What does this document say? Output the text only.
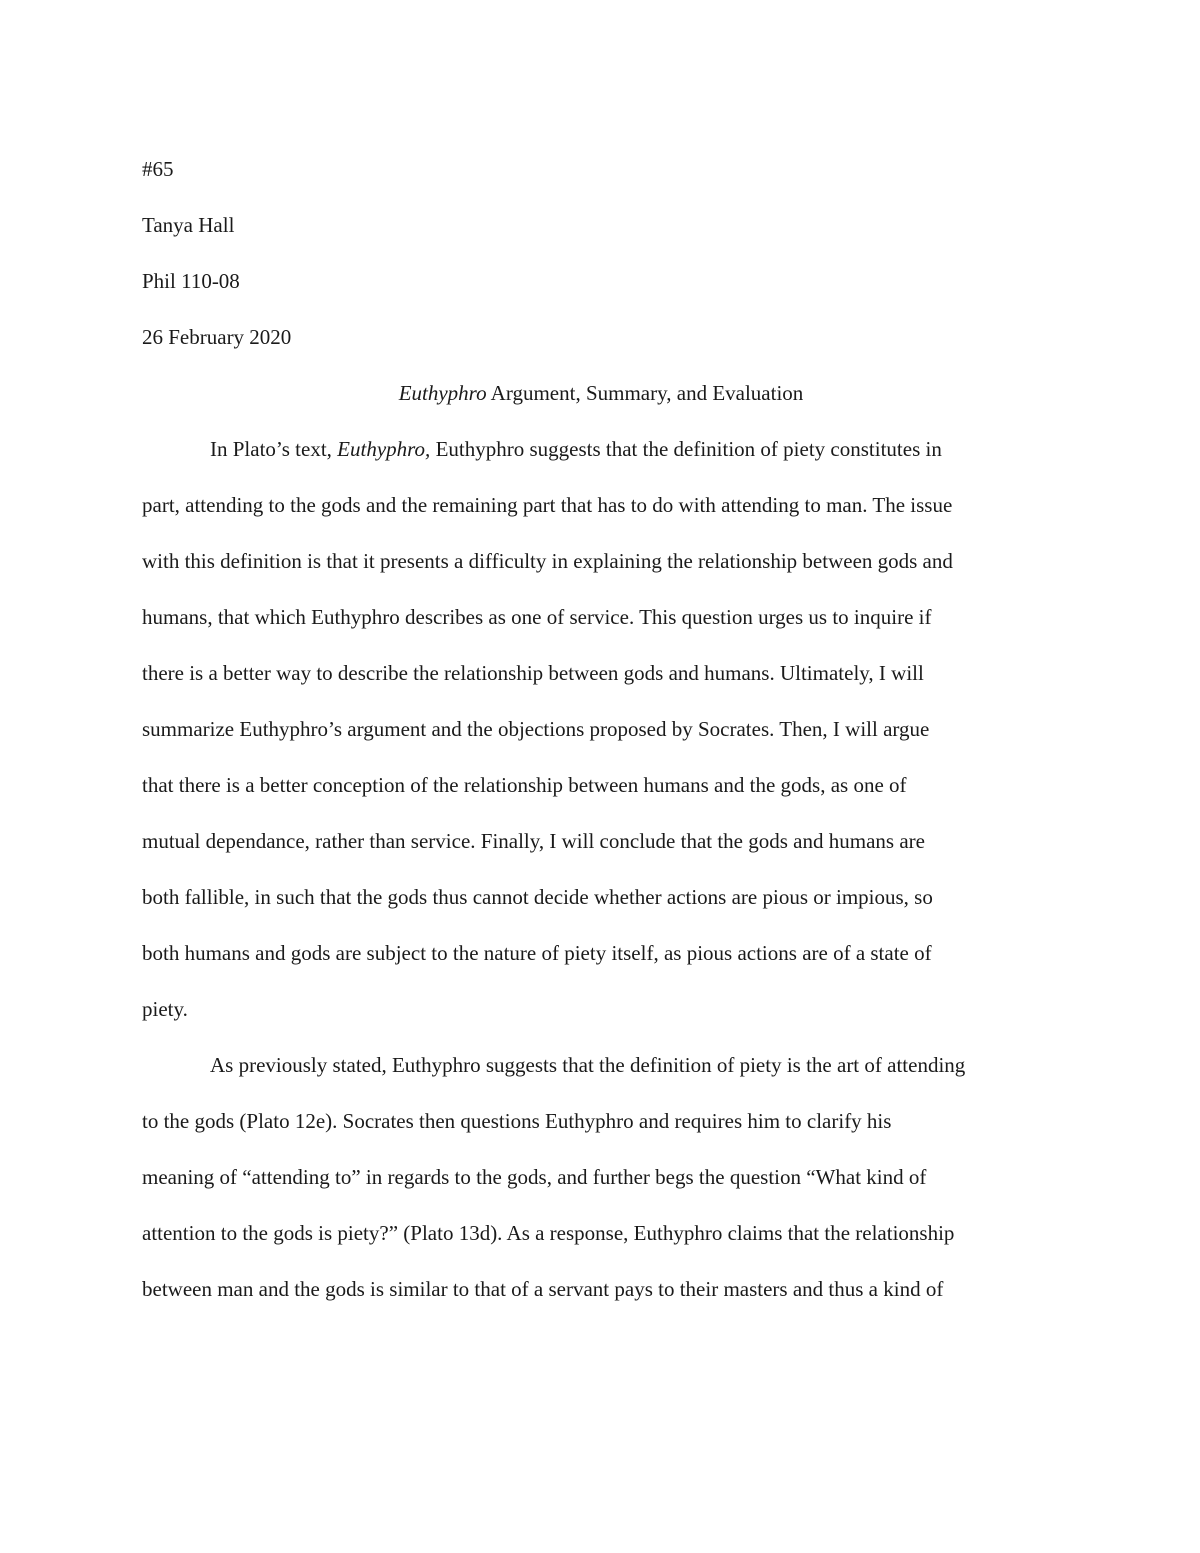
#65

Tanya Hall

Phil 110-08

26 February 2020

Euthyphro Argument, Summary, and Evaluation

In Plato’s text, Euthyphro, Euthyphro suggests that the definition of piety constitutes in

part, attending to the gods and the remaining part that has to do with attending to man. The issue

with this definition is that it presents a difficulty in explaining the relationship between gods and

humans, that which Euthyphro describes as one of service. This question urges us to inquire if

there is a better way to describe the relationship between gods and humans. Ultimately, I will

summarize Euthyphro’s argument and the objections proposed by Socrates. Then, I will argue

that there is a better conception of the relationship between humans and the gods, as one of

mutual dependance, rather than service. Finally, I will conclude that the gods and humans are

both fallible, in such that the gods thus cannot decide whether actions are pious or impious, so

both humans and gods are subject to the nature of piety itself, as pious actions are of a state of

piety.

As previously stated, Euthyphro suggests that the definition of piety is the art of attending

to the gods (Plato 12e). Socrates then questions Euthyphro and requires him to clarify his

meaning of “attending to” in regards to the gods, and further begs the question “What kind of

attention to the gods is piety?” (Plato 13d). As a response, Euthyphro claims that the relationship

between man and the gods is similar to that of a servant pays to their masters and thus a kind of
